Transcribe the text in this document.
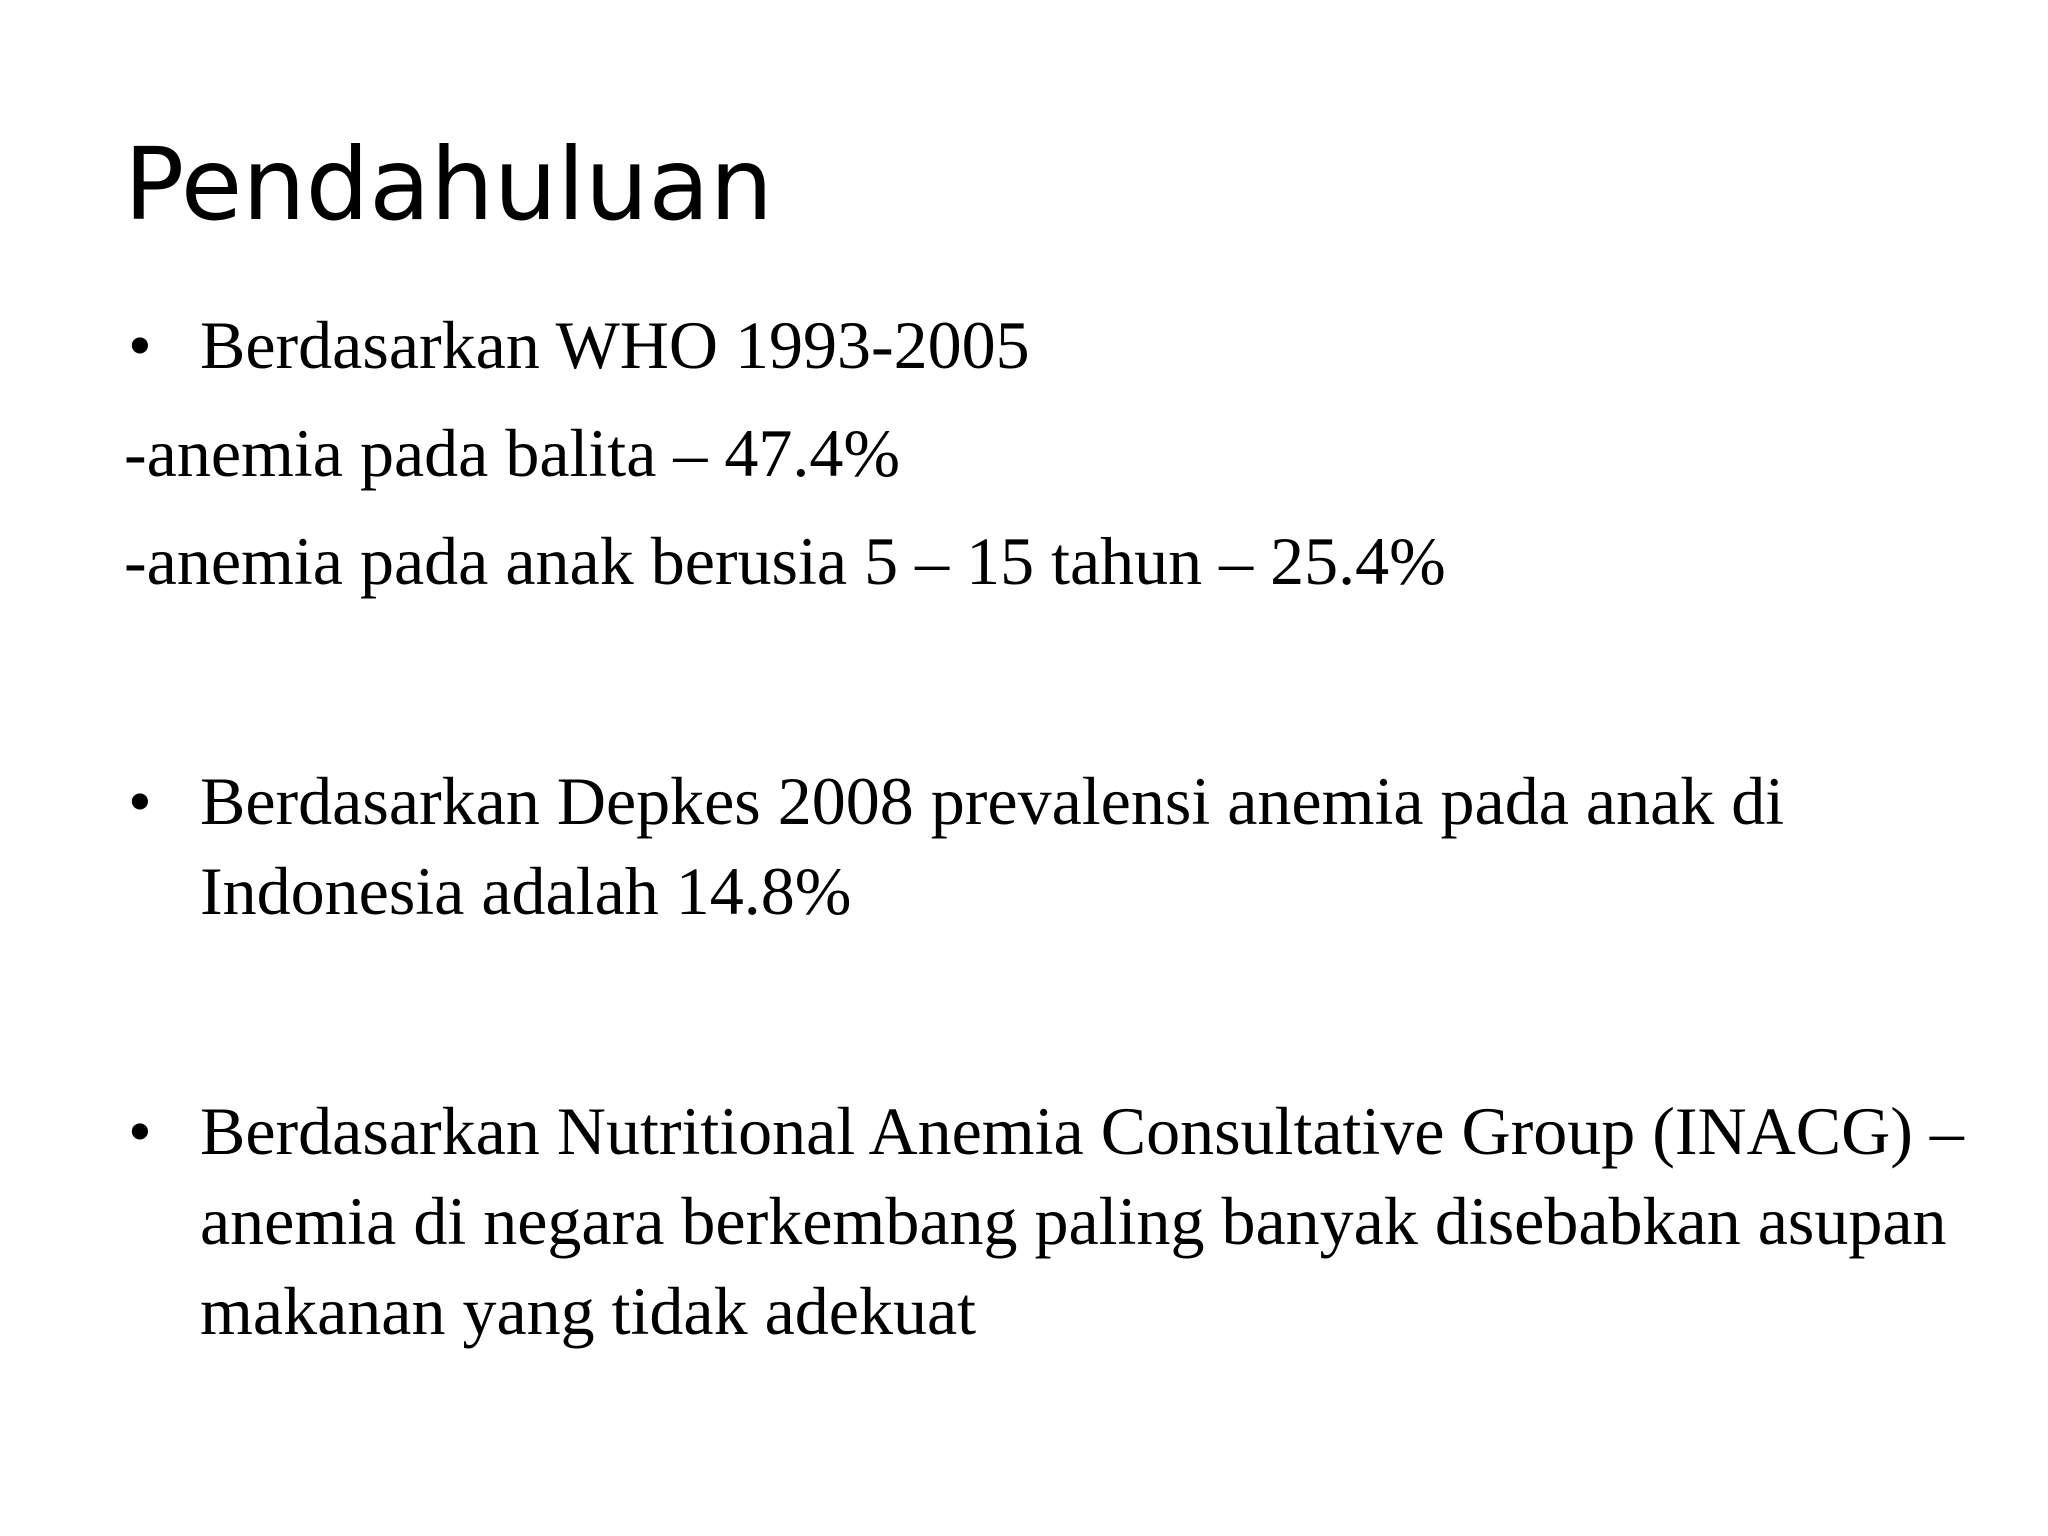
Pendahuluan

• Berdasarkan WHO 1993-2005

-anemia pada balita – 47.4%

-anemia pada anak berusia 5 – 15 tahun – 25.4%

• Berdasarkan Depkes 2008 prevalensi anemia pada anak di Indonesia adalah 14.8%

• Berdasarkan Nutritional Anemia Consultative Group (INACG) – anemia di negara berkembang paling banyak disebabkan asupan makanan yang tidak adekuat
